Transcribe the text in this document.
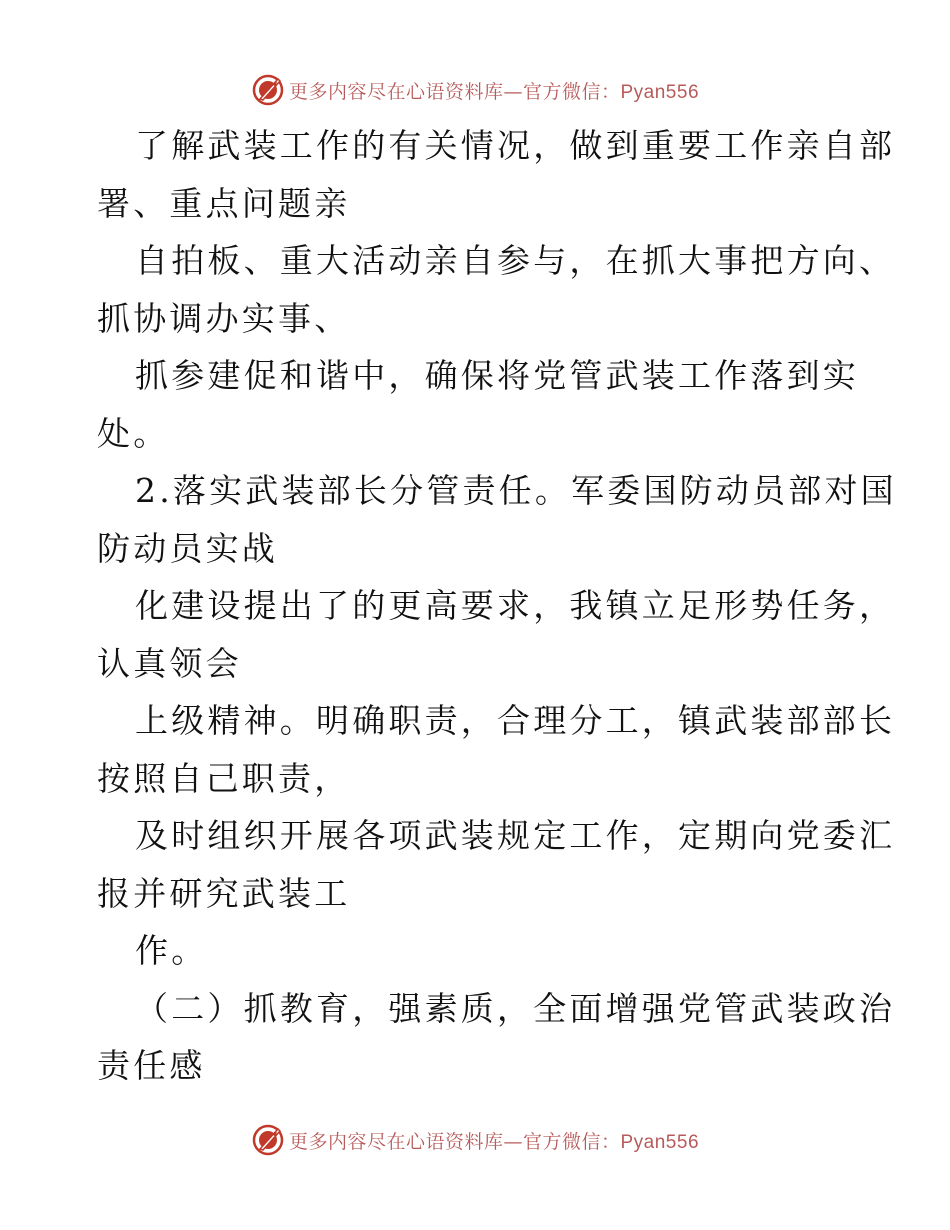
更多内容尽在心语资料库—官方微信：Pyan556
了解武装工作的有关情况，做到重要工作亲自部
署、重点问题亲
自拍板、重大活动亲自参与，在抓大事把方向、
抓协调办实事、
抓参建促和谐中，确保将党管武装工作落到实
处。
2.落实武装部长分管责任。军委国防动员部对国
防动员实战
化建设提出了的更高要求，我镇立足形势任务，
认真领会
上级精神。明确职责，合理分工，镇武装部部长
按照自己职责，
及时组织开展各项武装规定工作，定期向党委汇
报并研究武装工
作。
（二）抓教育，强素质，全面增强党管武装政治
责任感
更多内容尽在心语资料库—官方微信：Pyan556
